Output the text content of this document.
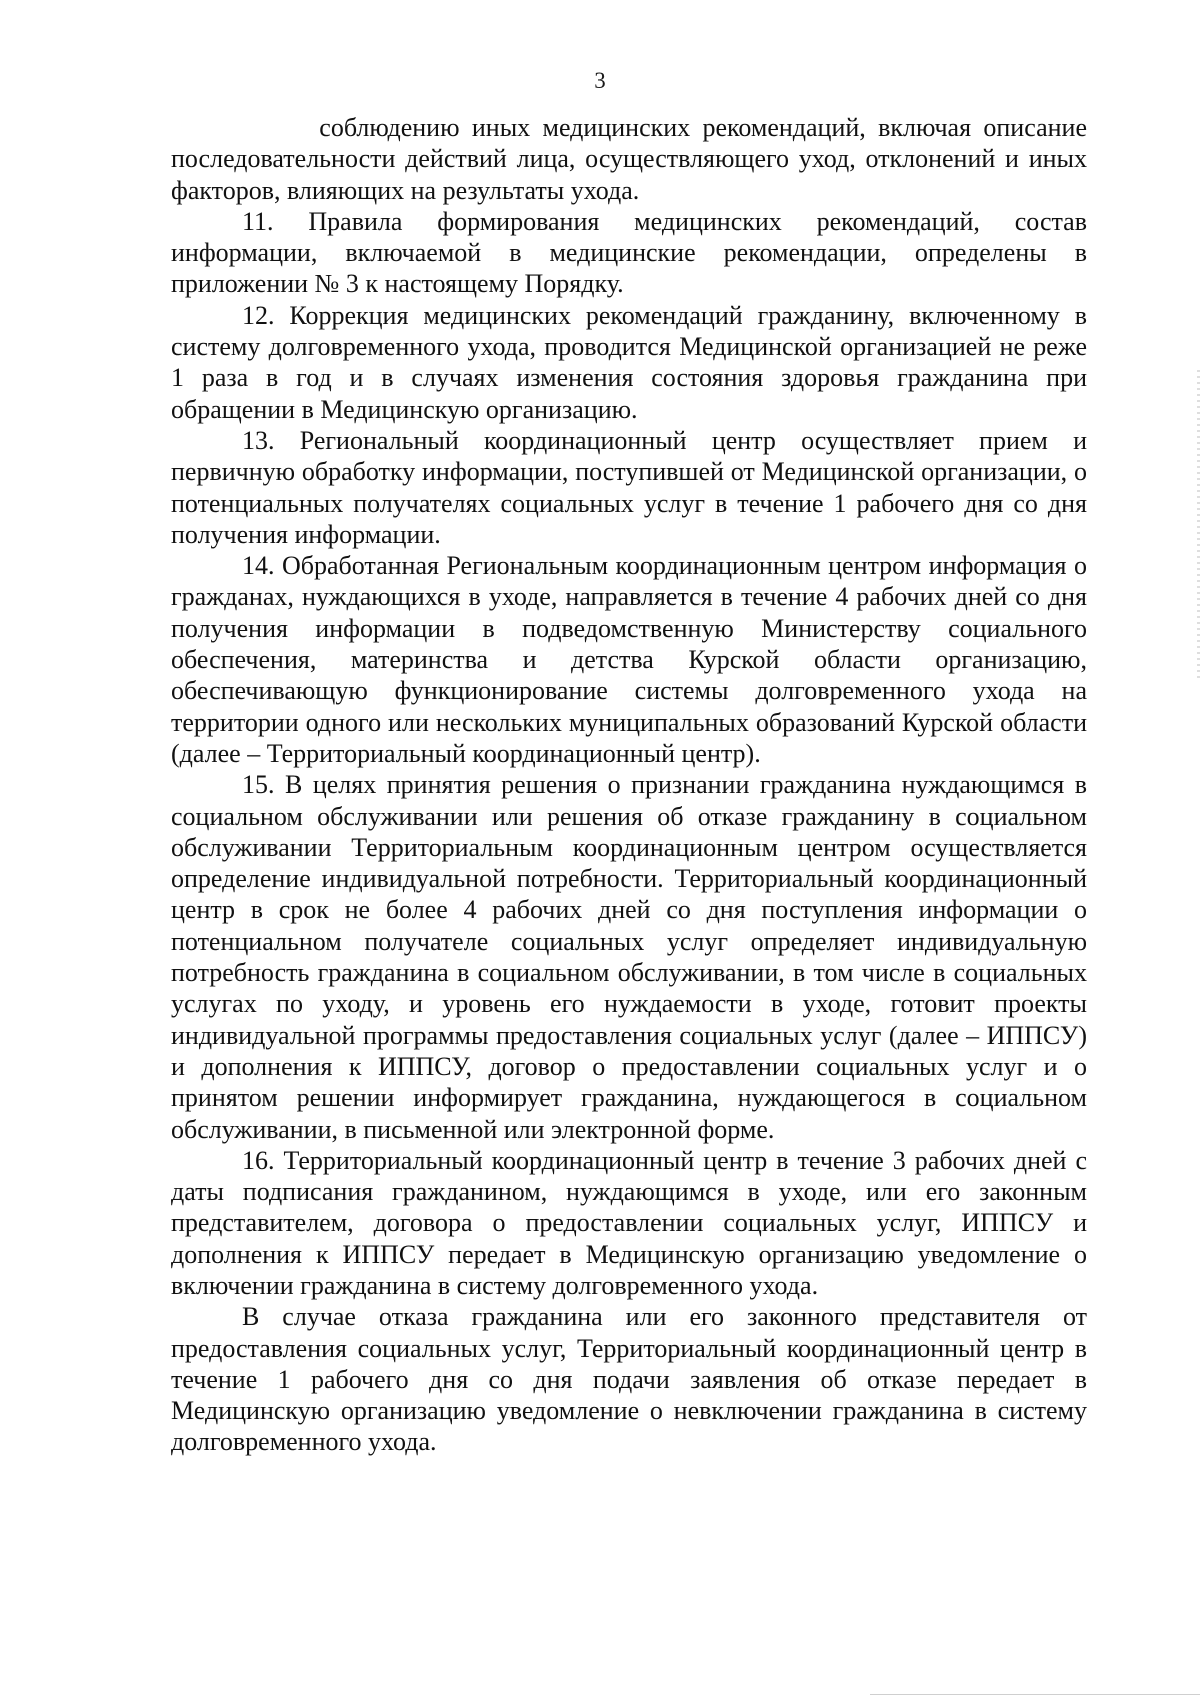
3

соблюдению иных медицинских рекомендаций, включая описание последовательности действий лица, осуществляющего уход, отклонений и иных факторов, влияющих на результаты ухода.

11. Правила формирования медицинских рекомендаций, состав информации, включаемой в медицинские рекомендации, определены в приложении № 3 к настоящему Порядку.

12. Коррекция медицинских рекомендаций гражданину, включенному в систему долговременного ухода, проводится Медицинской организацией не реже 1 раза в год и в случаях изменения состояния здоровья гражданина при обращении в Медицинскую организацию.

13. Региональный координационный центр осуществляет прием и первичную обработку информации, поступившей от Медицинской организации, о потенциальных получателях социальных услуг в течение 1 рабочего дня со дня получения информации.

14. Обработанная Региональным координационным центром информация о гражданах, нуждающихся в уходе, направляется в течение 4 рабочих дней со дня получения информации в подведомственную Министерству социального обеспечения, материнства и детства Курской области организацию, обеспечивающую функционирование системы долговременного ухода на территории одного или нескольких муниципальных образований Курской области (далее – Территориальный координационный центр).

15. В целях принятия решения о признании гражданина нуждающимся в социальном обслуживании или решения об отказе гражданину в социальном обслуживании Территориальным координационным центром осуществляется определение индивидуальной потребности. Территориальный координационный центр в срок не более 4 рабочих дней со дня поступления информации о потенциальном получателе социальных услуг определяет индивидуальную потребность гражданина в социальном обслуживании, в том числе в социальных услугах по уходу, и уровень его нуждаемости в уходе, готовит проекты индивидуальной программы предоставления социальных услуг (далее – ИППСУ) и дополнения к ИППСУ, договор о предоставлении социальных услуг и о принятом решении информирует гражданина, нуждающегося в социальном обслуживании, в письменной или электронной форме.

16. Территориальный координационный центр в течение 3 рабочих дней с даты подписания гражданином, нуждающимся в уходе, или его законным представителем, договора о предоставлении социальных услуг, ИППСУ и дополнения к ИППСУ передает в Медицинскую организацию уведомление о включении гражданина в систему долговременного ухода.

В случае отказа гражданина или его законного представителя от предоставления социальных услуг, Территориальный координационный центр в течение 1 рабочего дня со дня подачи заявления об отказе передает в Медицинскую организацию уведомление о невключении гражданина в систему долговременного ухода.
